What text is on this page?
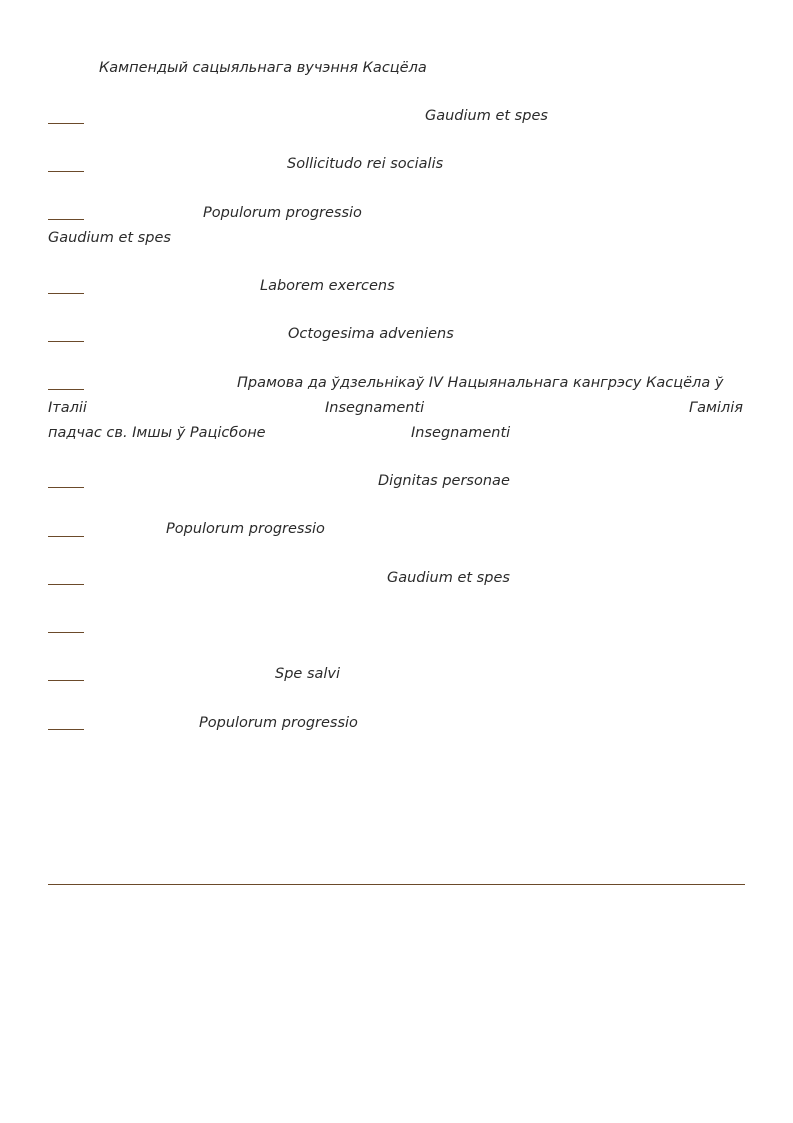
Кампендый сацыяльнага вучэння Касцёла
Gaudium et spes
Sollicitudo rei socialis
Populorum progressio
Gaudium et spes
Laborem exercens
Octogesima adveniens
Прамова да ўдзельнікаў IV Нацыянальнага кангрэсу Касцёла ў
Італіі	Insegnamenti	Гамілія
падчас св. Імшы ў Рацісбоне	Insegnamenti
Dignitas personae
Populorum progressio
Gaudium et spes
Spe salvi
Populorum progressio
